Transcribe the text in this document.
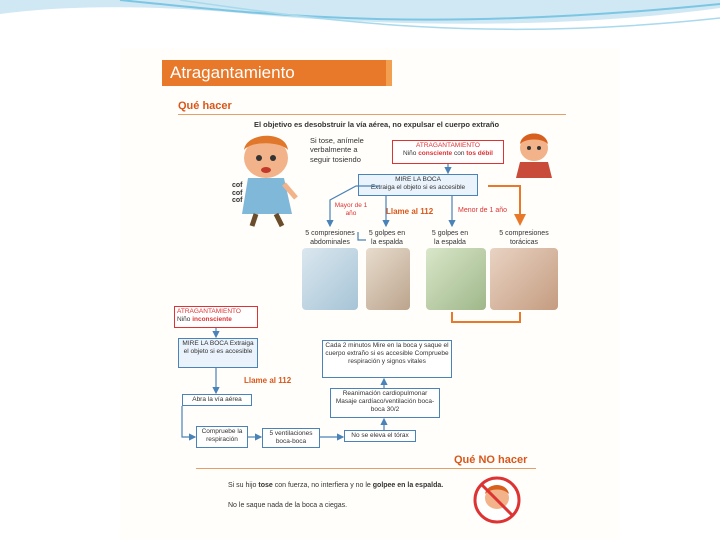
Atragantamiento
Qué hacer
El objetivo es desobstruir la vía aérea, no expulsar el cuerpo extraño
cof cof cof
Si tose, anímele verbalmente a seguir tosiendo
ATRAGANTAMIENTO
Niño consciente con tos débil
MIRE LA BOCA
Extraiga el objeto si es accesible
Mayor de 1 año	Llame al 112	Menor de 1 año
5 compresiones abdominales
5 golpes en la espalda
5 golpes en la espalda
5 compresiones torácicas
ATRAGANTAMIENTO
Niño inconsciente
MIRE LA BOCA Extraiga el objeto si es accesible
Llame al 112
Abra la vía aérea
Compruebe la respiración
5 ventilaciones boca-boca
Cada 2 minutos Mire en la boca y saque el cuerpo extraño si es accesible Compruebe respiración y signos vitales
Reanimación cardiopulmonar Masaje cardíaco/ventilación boca-boca 30/2
No se eleva el tórax
Qué NO hacer
Si su hijo tose con fuerza, no interfiera y no le golpee en la espalda.
No le saque nada de la boca a ciegas.
